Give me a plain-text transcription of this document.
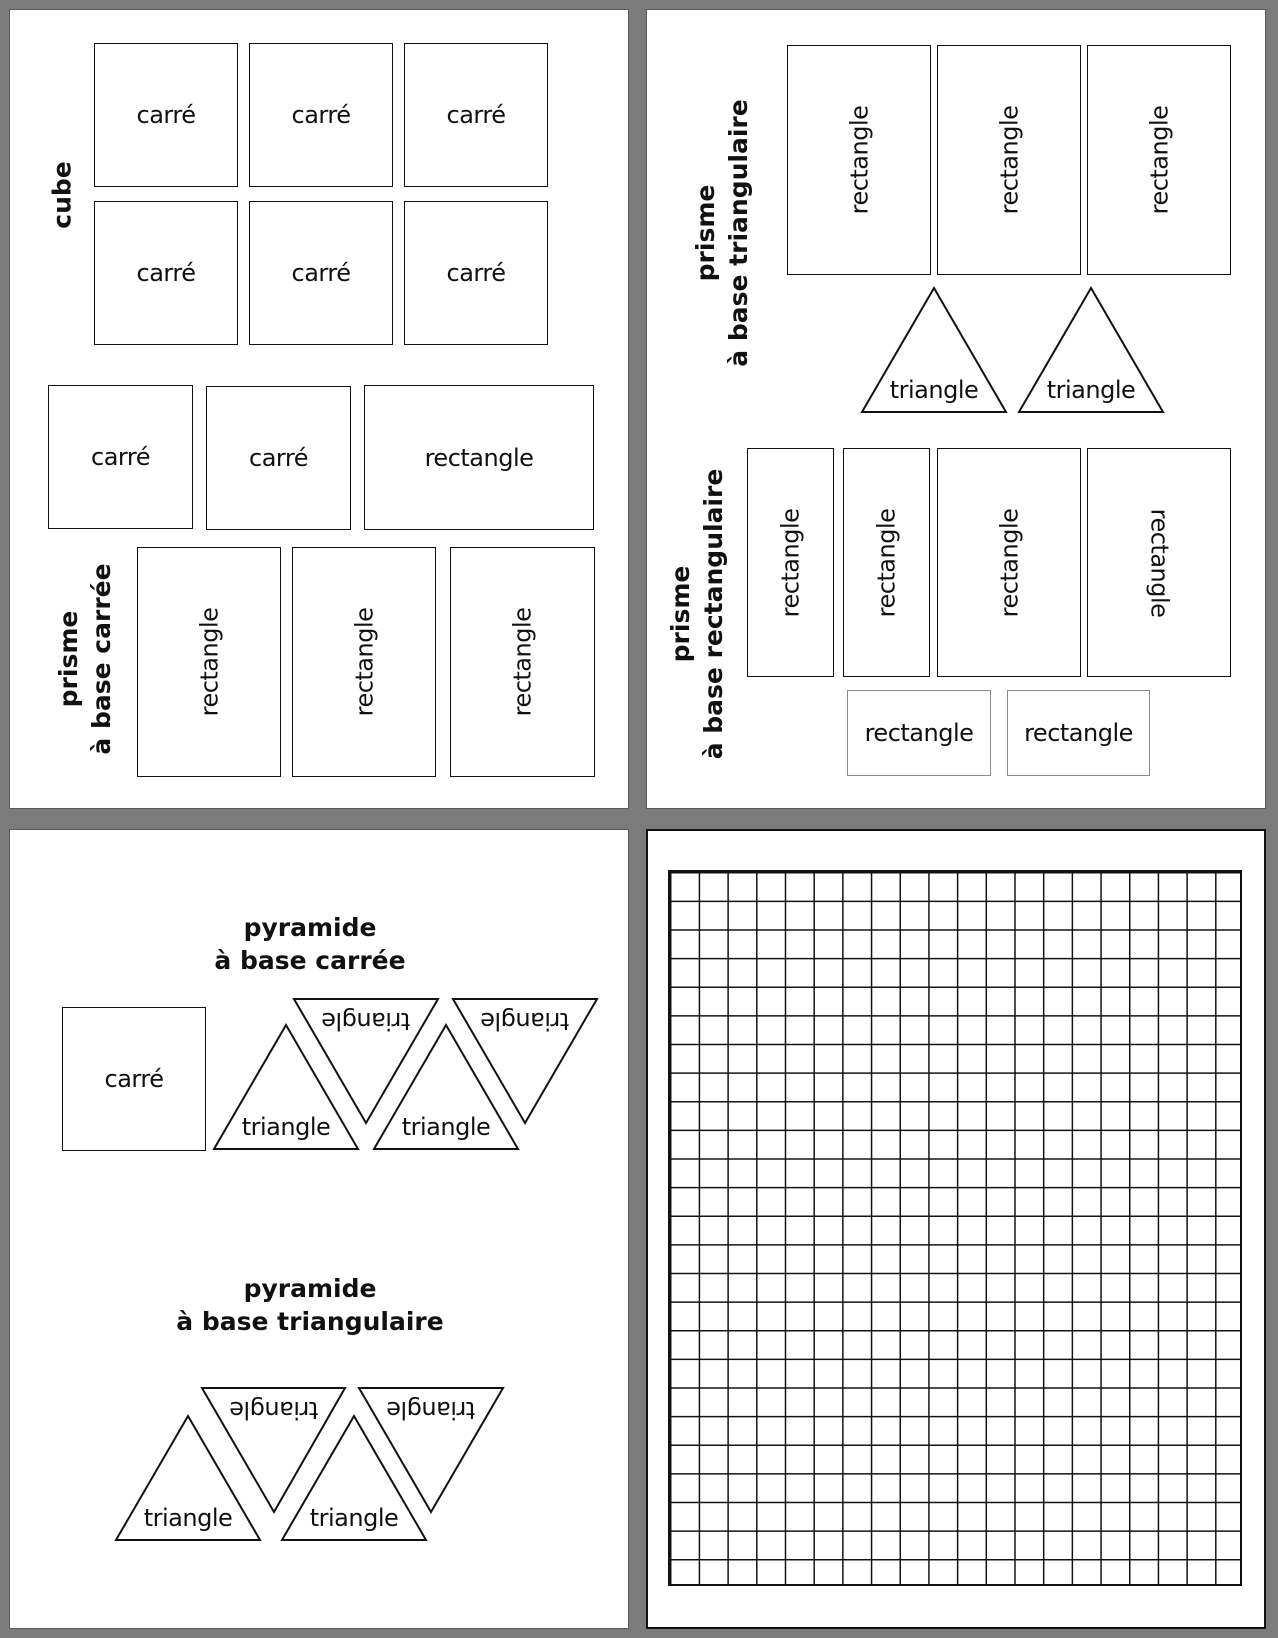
cube
carré	carré	carré
carré	carré	carré
carré	carré	rectangle
prisme à base carrée	rectangle	rectangle	rectangle
prisme à base triangulaire	rectangle	rectangle	rectangle
triangle	triangle
prisme à base rectangulaire rectangle	rectangle	rectangle	rectangle
rectangle rectangle
pyramide
à base carrée
carré
triangle
triangle
triangle
triangle
pyramide
à base triangulaire
triangle
triangle
triangle
triangle
